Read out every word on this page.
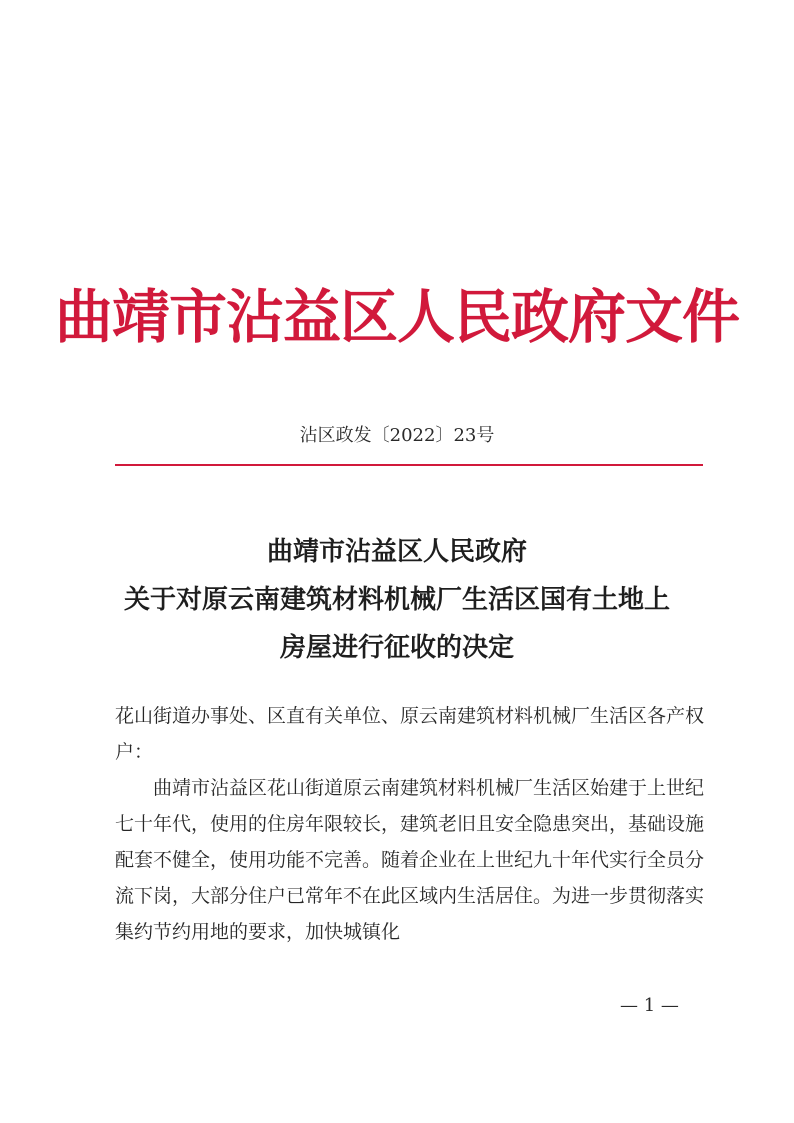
曲靖市沾益区人民政府文件
沾区政发〔2022〕23号
曲靖市沾益区人民政府
关于对原云南建筑材料机械厂生活区国有土地上
房屋进行征收的决定

花山街道办事处、区直有关单位、原云南建筑材料机械厂生活区各产权户：

曲靖市沾益区花山街道原云南建筑材料机械厂生活区始建于上世纪七十年代，使用的住房年限较长，建筑老旧且安全隐患突出，基础设施配套不健全，使用功能不完善。随着企业在上世纪九十年代实行全员分流下岗，大部分住户已常年不在此区域内生活居住。为进一步贯彻落实集约节约用地的要求，加快城镇化

— 1 —
